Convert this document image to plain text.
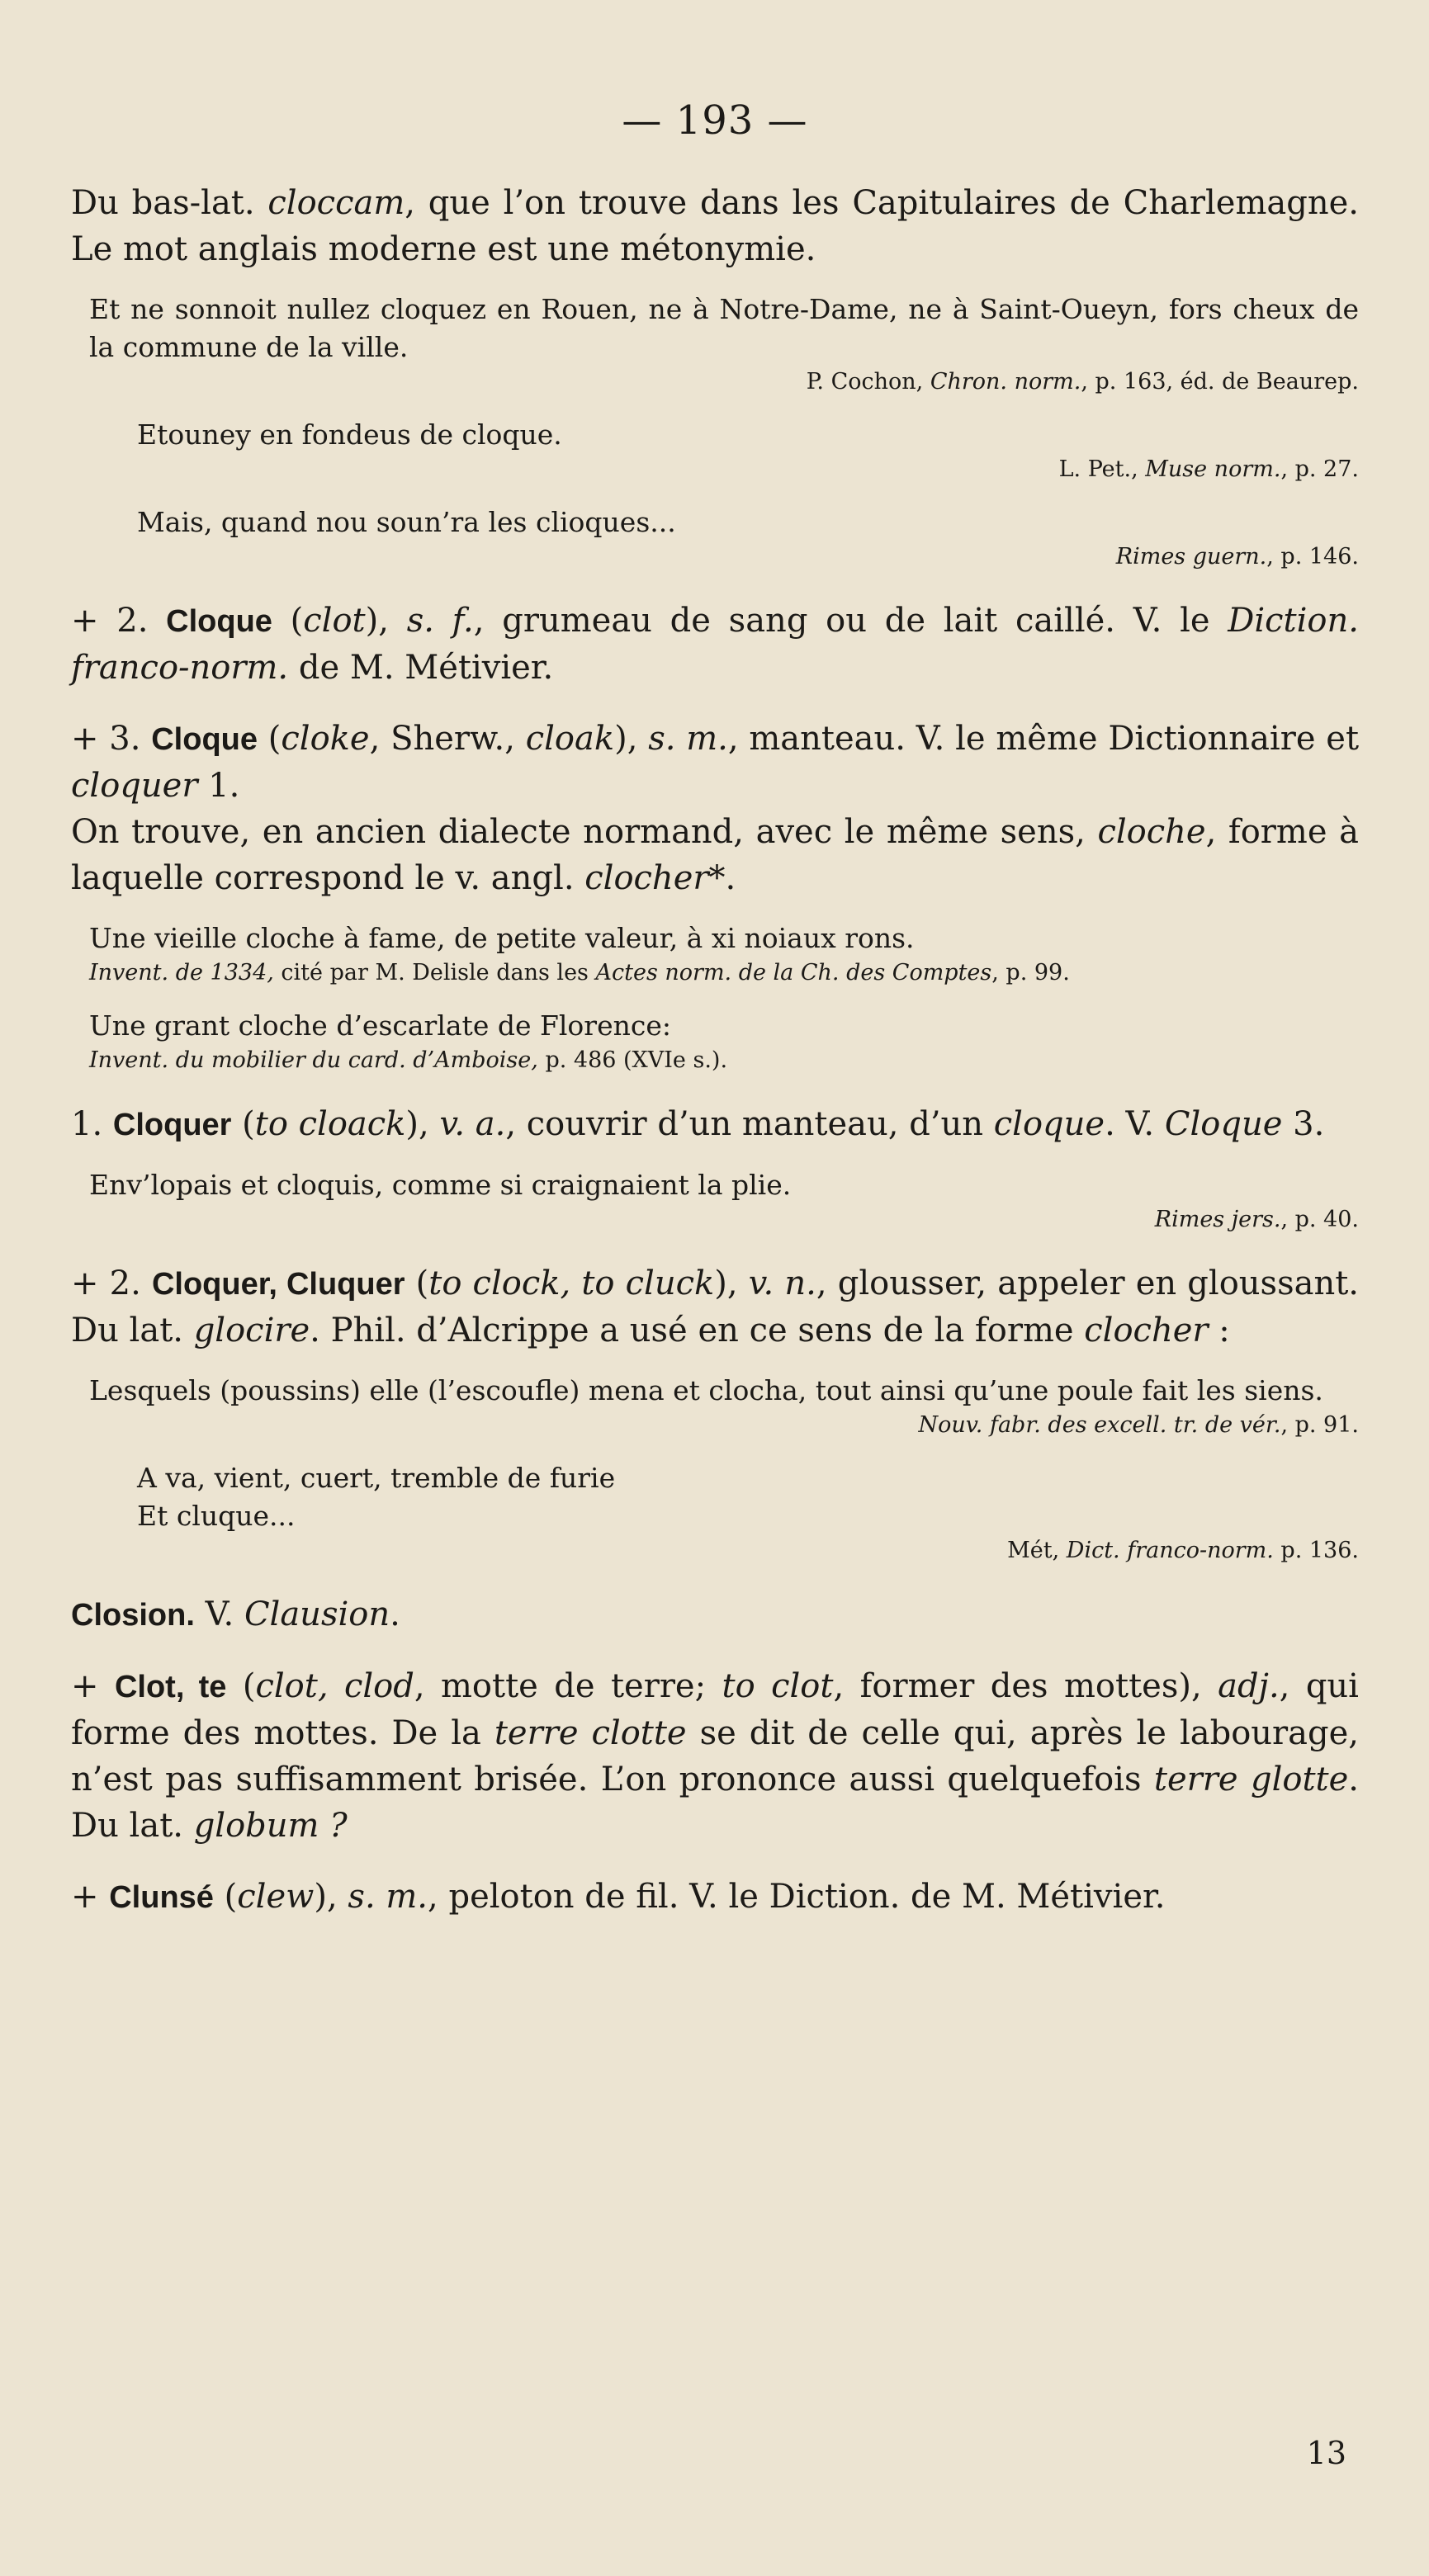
— 193 —

Du bas-lat. cloccam, que l’on trouve dans les Capitulaires de Charlemagne. Le mot anglais moderne est une métonymie.

Et ne sonnoit nullez cloquez en Rouen, ne à Notre-Dame, ne à Saint-Oueyn, fors cheux de la commune de la ville.

P. Cochon, Chron. norm., p. 163, éd. de Beaurep.

Etouney en fondeus de cloque.

L. Pet., Muse norm., p. 27.

Mais, quand nou soun’ra les clioques...

Rimes guern., p. 146.

+ 2. Cloque (clot), s. f., grumeau de sang ou de lait caillé. V. le Diction. franco-norm. de M. Métivier.

+ 3. Cloque (cloke, Sherw., cloak), s. m., manteau. V. le même Dictionnaire et cloquer 1.

On trouve, en ancien dialecte normand, avec le même sens, cloche, forme à laquelle correspond le v. angl. clocher*.

Une vieille cloche à fame, de petite valeur, à xi noiaux rons.

Invent. de 1334, cité par M. Delisle dans les Actes norm. de la Ch. des Comptes, p. 99.

Une grant cloche d’escarlate de Florence:

Invent. du mobilier du card. d’Amboise, p. 486 (XVIe s.).

1. Cloquer (to cloack), v. a., couvrir d’un manteau, d’un cloque. V. Cloque 3.

Env’lopais et cloquis, comme si craignaient la plie.

Rimes jers., p. 40.

+ 2. Cloquer, Cluquer (to clock, to cluck), v. n., glousser, appeler en gloussant. Du lat. glocire. Phil. d’Alcrippe a usé en ce sens de la forme clocher :

Lesquels (poussins) elle (l’escoufle) mena et clocha, tout ainsi qu’une poule fait les siens.

Nouv. fabr. des excell. tr. de vér., p. 91.

A va, vient, cuert, tremble de furie

Et cluque...

Mét, Dict. franco-norm. p. 136.

Closion. V. Clausion.

+ Clot, te (clot, clod, motte de terre; to clot, former des mottes), adj., qui forme des mottes. De la terre clotte se dit de celle qui, après le labourage, n’est pas suffisamment brisée. L’on prononce aussi quelquefois terre glotte. Du lat. globum ?

+ Clunsé (clew), s. m., peloton de fil. V. le Diction. de M. Métivier.

13
